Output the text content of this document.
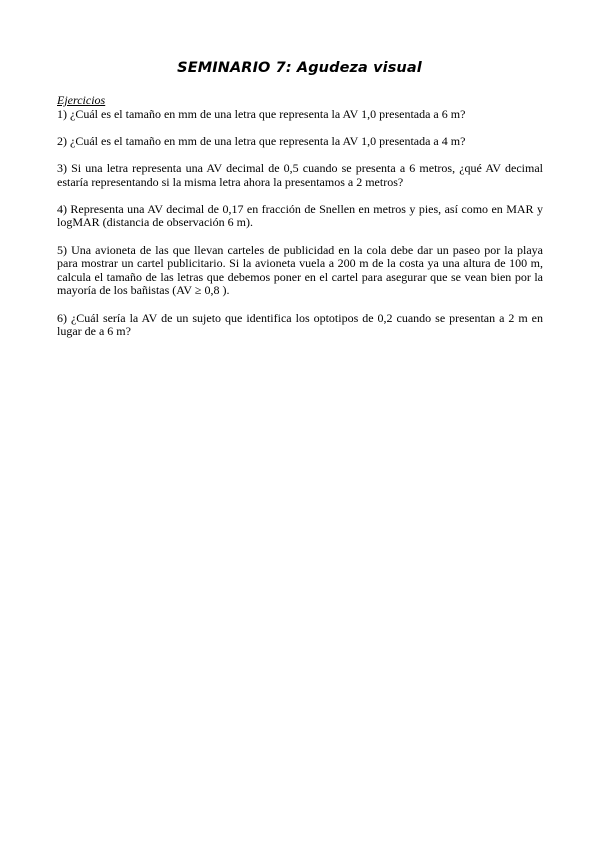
SEMINARIO 7: Agudeza visual
Ejercicios

1) ¿Cuál es el tamaño en mm de una letra que representa la AV 1,0 presentada a 6 m?

2) ¿Cuál es el tamaño en mm de una letra que representa la AV 1,0 presentada a 4 m?

3) Si una letra representa una AV decimal de 0,5 cuando se presenta a 6 metros, ¿qué AV decimal estaría representando si la misma letra ahora la presentamos a 2 metros?

4) Representa una AV decimal de 0,17 en fracción de Snellen en metros y pies, así como en MAR y logMAR (distancia de observación 6 m).

5) Una avioneta de las que llevan carteles de publicidad en la cola debe dar un paseo por la playa para mostrar un cartel publicitario. Si la avioneta vuela a 200 m de la costa ya una altura de 100 m, calcula el tamaño de las letras que debemos poner en el cartel para asegurar que se vean bien por la mayoría de los bañistas (AV ≥ 0,8 ).

6) ¿Cuál sería la AV de un sujeto que identifica los optotipos de 0,2 cuando se presentan a 2 m en lugar de a 6 m?
